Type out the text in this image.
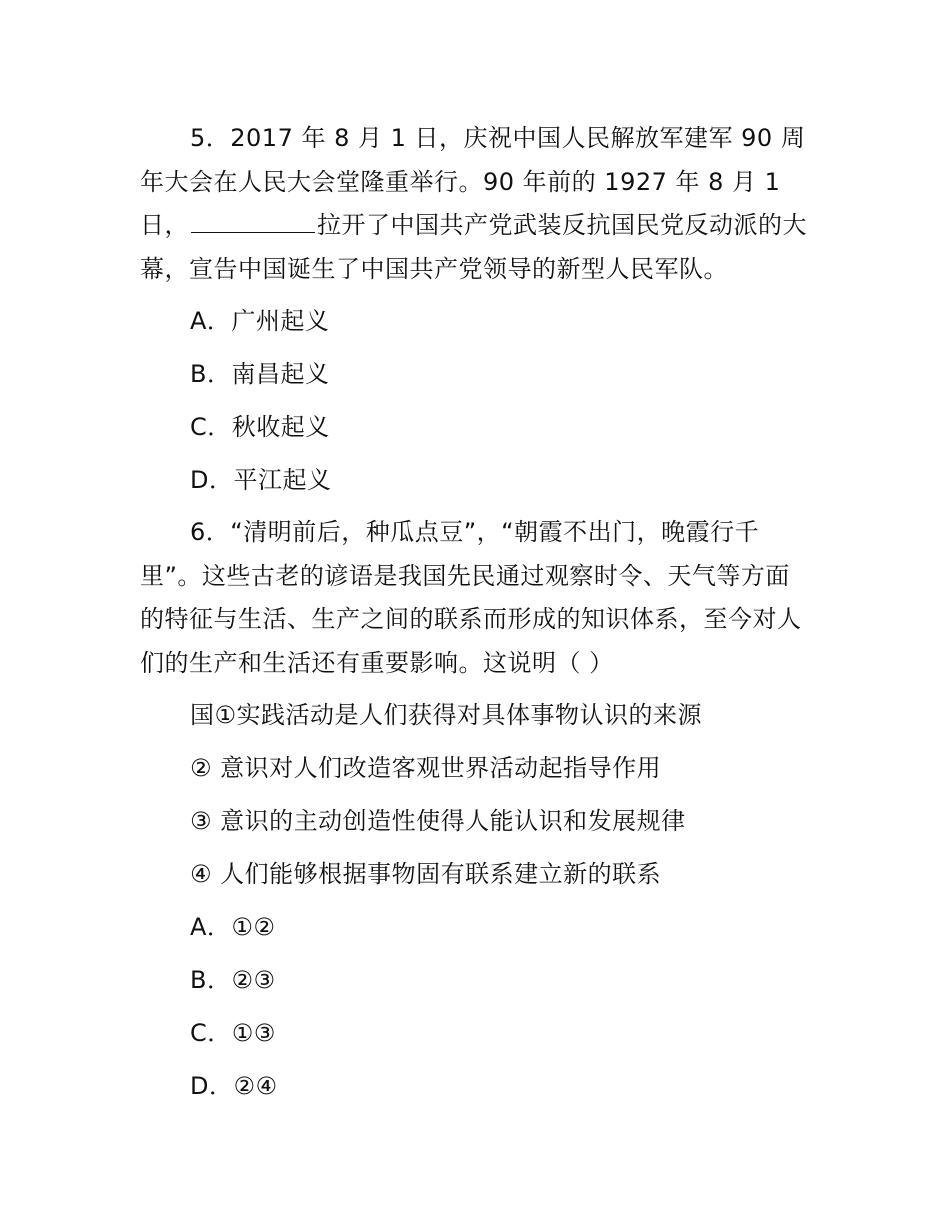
5．2017 年 8 月 1 日，庆祝中国人民解放军建军 90 周
年大会在人民大会堂隆重举行。90 年前的 1927 年 8 月 1
日，	拉开了中国共产党武装反抗国民党反动派的大
幕，宣告中国诞生了中国共产党领导的新型人民军队。
A．广州起义
B．南昌起义
C．秋收起义
D．平江起义
6．“清明前后，种瓜点豆”，“朝霞不出门，晚霞行千
里”。这些古老的谚语是我国先民通过观察时令、天气等方面
的特征与生活、生产之间的联系而形成的知识体系，至今对人
们的生产和生活还有重要影响。这说明（ ）
国①实践活动是人们获得对具体事物认识的来源
② 意识对人们改造客观世界活动起指导作用
③ 意识的主动创造性使得人能认识和发展规律
④ 人们能够根据事物固有联系建立新的联系
A．①②
B．②③
C．①③
D．②④
